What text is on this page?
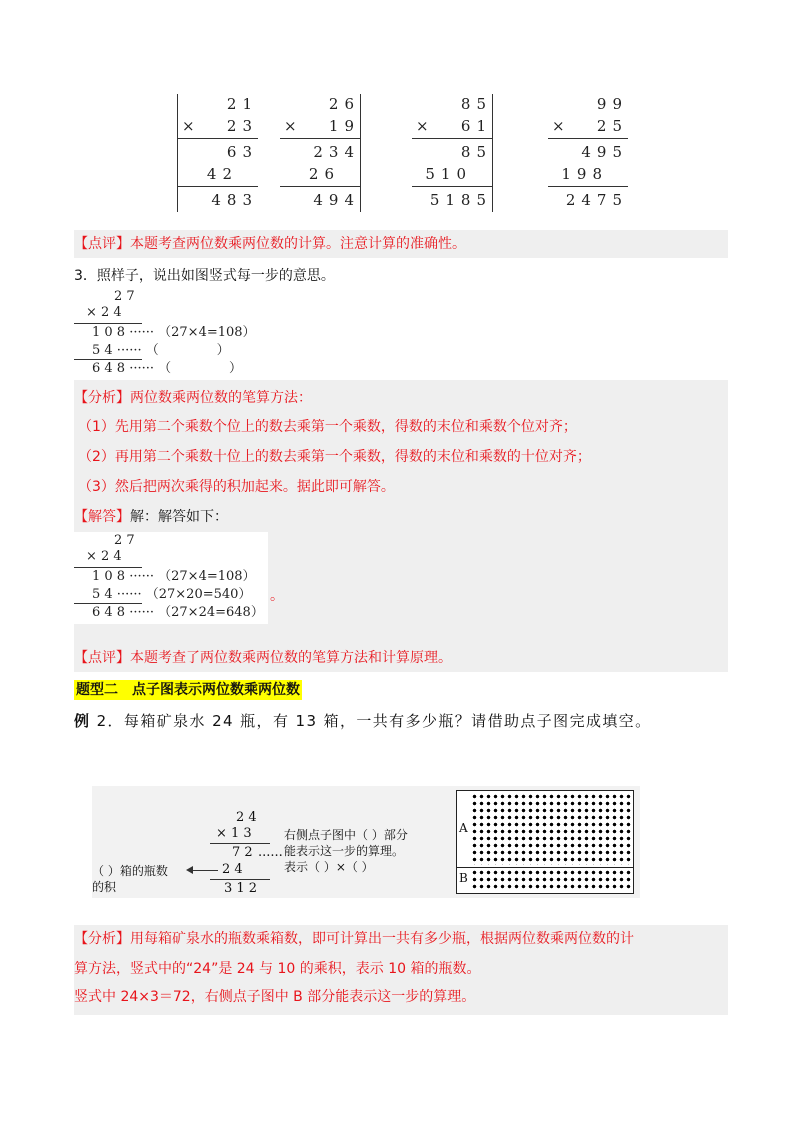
21
×	23
63
42
483
26
×	19
234
26
494
85
×	61
85
510
5185
99
×	25
495
198
2475
【点评】本题考查两位数乘两位数的计算。注意计算的准确性。
3．照样子，说出如图竖式每一步的意思。
2 7
× 2 4
1 0 8 ······ （27×4=108）
5 4 ······ （              ）
6 4 8 ······ （              ）
【分析】两位数乘两位数的笔算方法：
（1）先用第二个乘数个位上的数去乘第一个乘数，得数的末位和乘数个位对齐；
（2）再用第二个乘数十位上的数去乘第一个乘数，得数的末位和乘数的十位对齐；
（3）然后把两次乘得的积加起来。据此即可解答。
【解答】解：解答如下：
2 7
× 2 4
1 0 8 ······ （27×4=108）
5 4 ······ （27×20=540）
6 4 8 ······ （27×24=648）
。
【点评】本题考查了两位数乘两位数的笔算方法和计算原理。
题型二　点子图表示两位数乘两位数
例 2．每箱矿泉水 24 瓶，有 13 箱，一共有多少瓶？请借助点子图完成填空。
2 4
× 1 3
7 2 ......
2 4
3 1 2
右侧点子图中（ ）部分
能表示这一步的算理。
表示（ ）×（ ）
（ ）箱的瓶数
的积
A
B
【分析】用每箱矿泉水的瓶数乘箱数，即可计算出一共有多少瓶，根据两位数乘两位数的计
算方法，竖式中的“24”是 24 与 10 的乘积，表示 10 箱的瓶数。
竖式中 24×3＝72，右侧点子图中 B 部分能表示这一步的算理。
